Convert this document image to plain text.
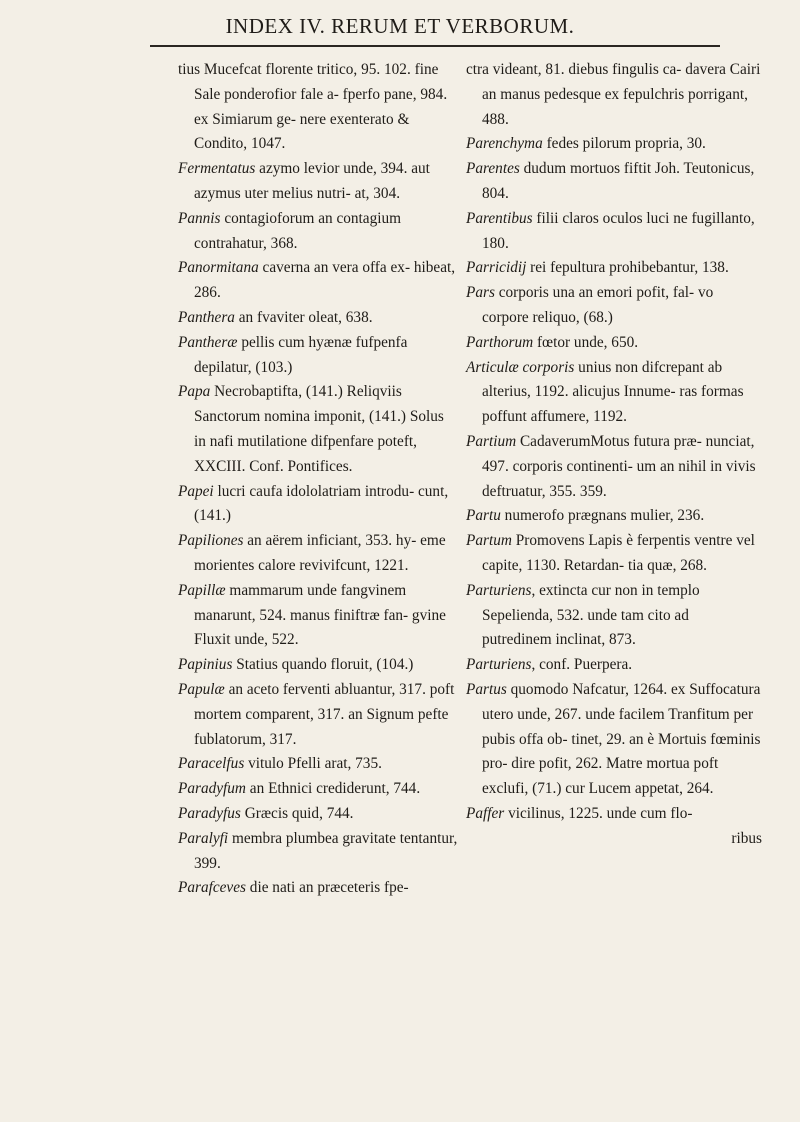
INDEX IV. RERUM ET VERBORUM.
tius Mucefcat florente tritico, 95. 102. fine Sale ponderofior fale a- fperfo pane, 984. ex Simiarum ge- nere exenterato & Condito, 1047.
Fermentatus azymo levior unde, 394. aut azymus uter melius nutri- at, 304.
Pannis contagioforum an contagium contrahatur, 368.
Panormitana caverna an vera offa ex- hibeat, 286.
Panthera an fvaviter oleat, 638.
Pantheræ pellis cum hyænæ fufpenfa depilatur, (103.)
Papa Necrobaptifta, (141.) Reliqviis Sanctorum nomina imponit, (141.) Solus in nafi mutilatione difpenfare poteft, XXCIII. Conf. Pontifices.
Papei lucri caufa idololatriam introdu- cunt, (141.)
Papiliones an aërem inficiant, 353. hy- eme morientes calore revivifcunt, 1221.
Papillæ mammarum unde fangvinem manarunt, 524. manus finiftræ fan- gvine Fluxit unde, 522.
Papinius Statius quando floruit, (104.)
Papulæ an aceto ferventi abluantur, 317. poft mortem comparent, 317. an Signum pefte fublatorum, 317.
Paracelfus vitulo Pfelli arat, 735.
Paradyfum an Ethnici crediderunt, 744.
Paradyfus Græcis quid, 744.
Paralyfi membra plumbea gravitate tentantur, 399.
Parafceves die nati an præceteris fpe-
ctra videant, 81. diebus fingulis ca- davera Cairi an manus pedesque ex fepulchris porrigant, 488.
Parenchyma fedes pilorum propria, 30.
Parentes dudum mortuos fiftit Joh. Teutonicus, 804.
Parentibus filii claros oculos luci ne fugillanto, 180.
Parricidij rei fepultura prohibebantur, 138.
Pars corporis una an emori pofit, fal- vo corpore reliquo, (68.)
Parthorum fœtor unde, 650.
Articulæ corporis unius non difcrepant ab alterius, 1192. alicujus Innume- ras formas poffunt affumere, 1192.
Partium CadaverumMotus futura præ- nunciat, 497. corporis continenti- um an nihil in vivis deftruatur, 355. 359.
Partu numerofo prægnans mulier, 236.
Partum Promovens Lapis è ferpentis ventre vel capite, 1130. Retardan- tia quæ, 268.
Parturiens, extincta cur non in templo Sepelienda, 532. unde tam cito ad putredinem inclinat, 873.
Parturiens, conf. Puerpera.
Partus quomodo Nafcatur, 1264. ex Suffocatura utero unde, 267. unde facilem Tranfitum per pubis offa ob- tinet, 29. an è Mortuis fœminis pro- dire pofit, 262. Matre mortua poft exclufi, (71.) cur Lucem appetat, 264.
Paffer vicilinus, 1225. unde cum flo-
ribus
